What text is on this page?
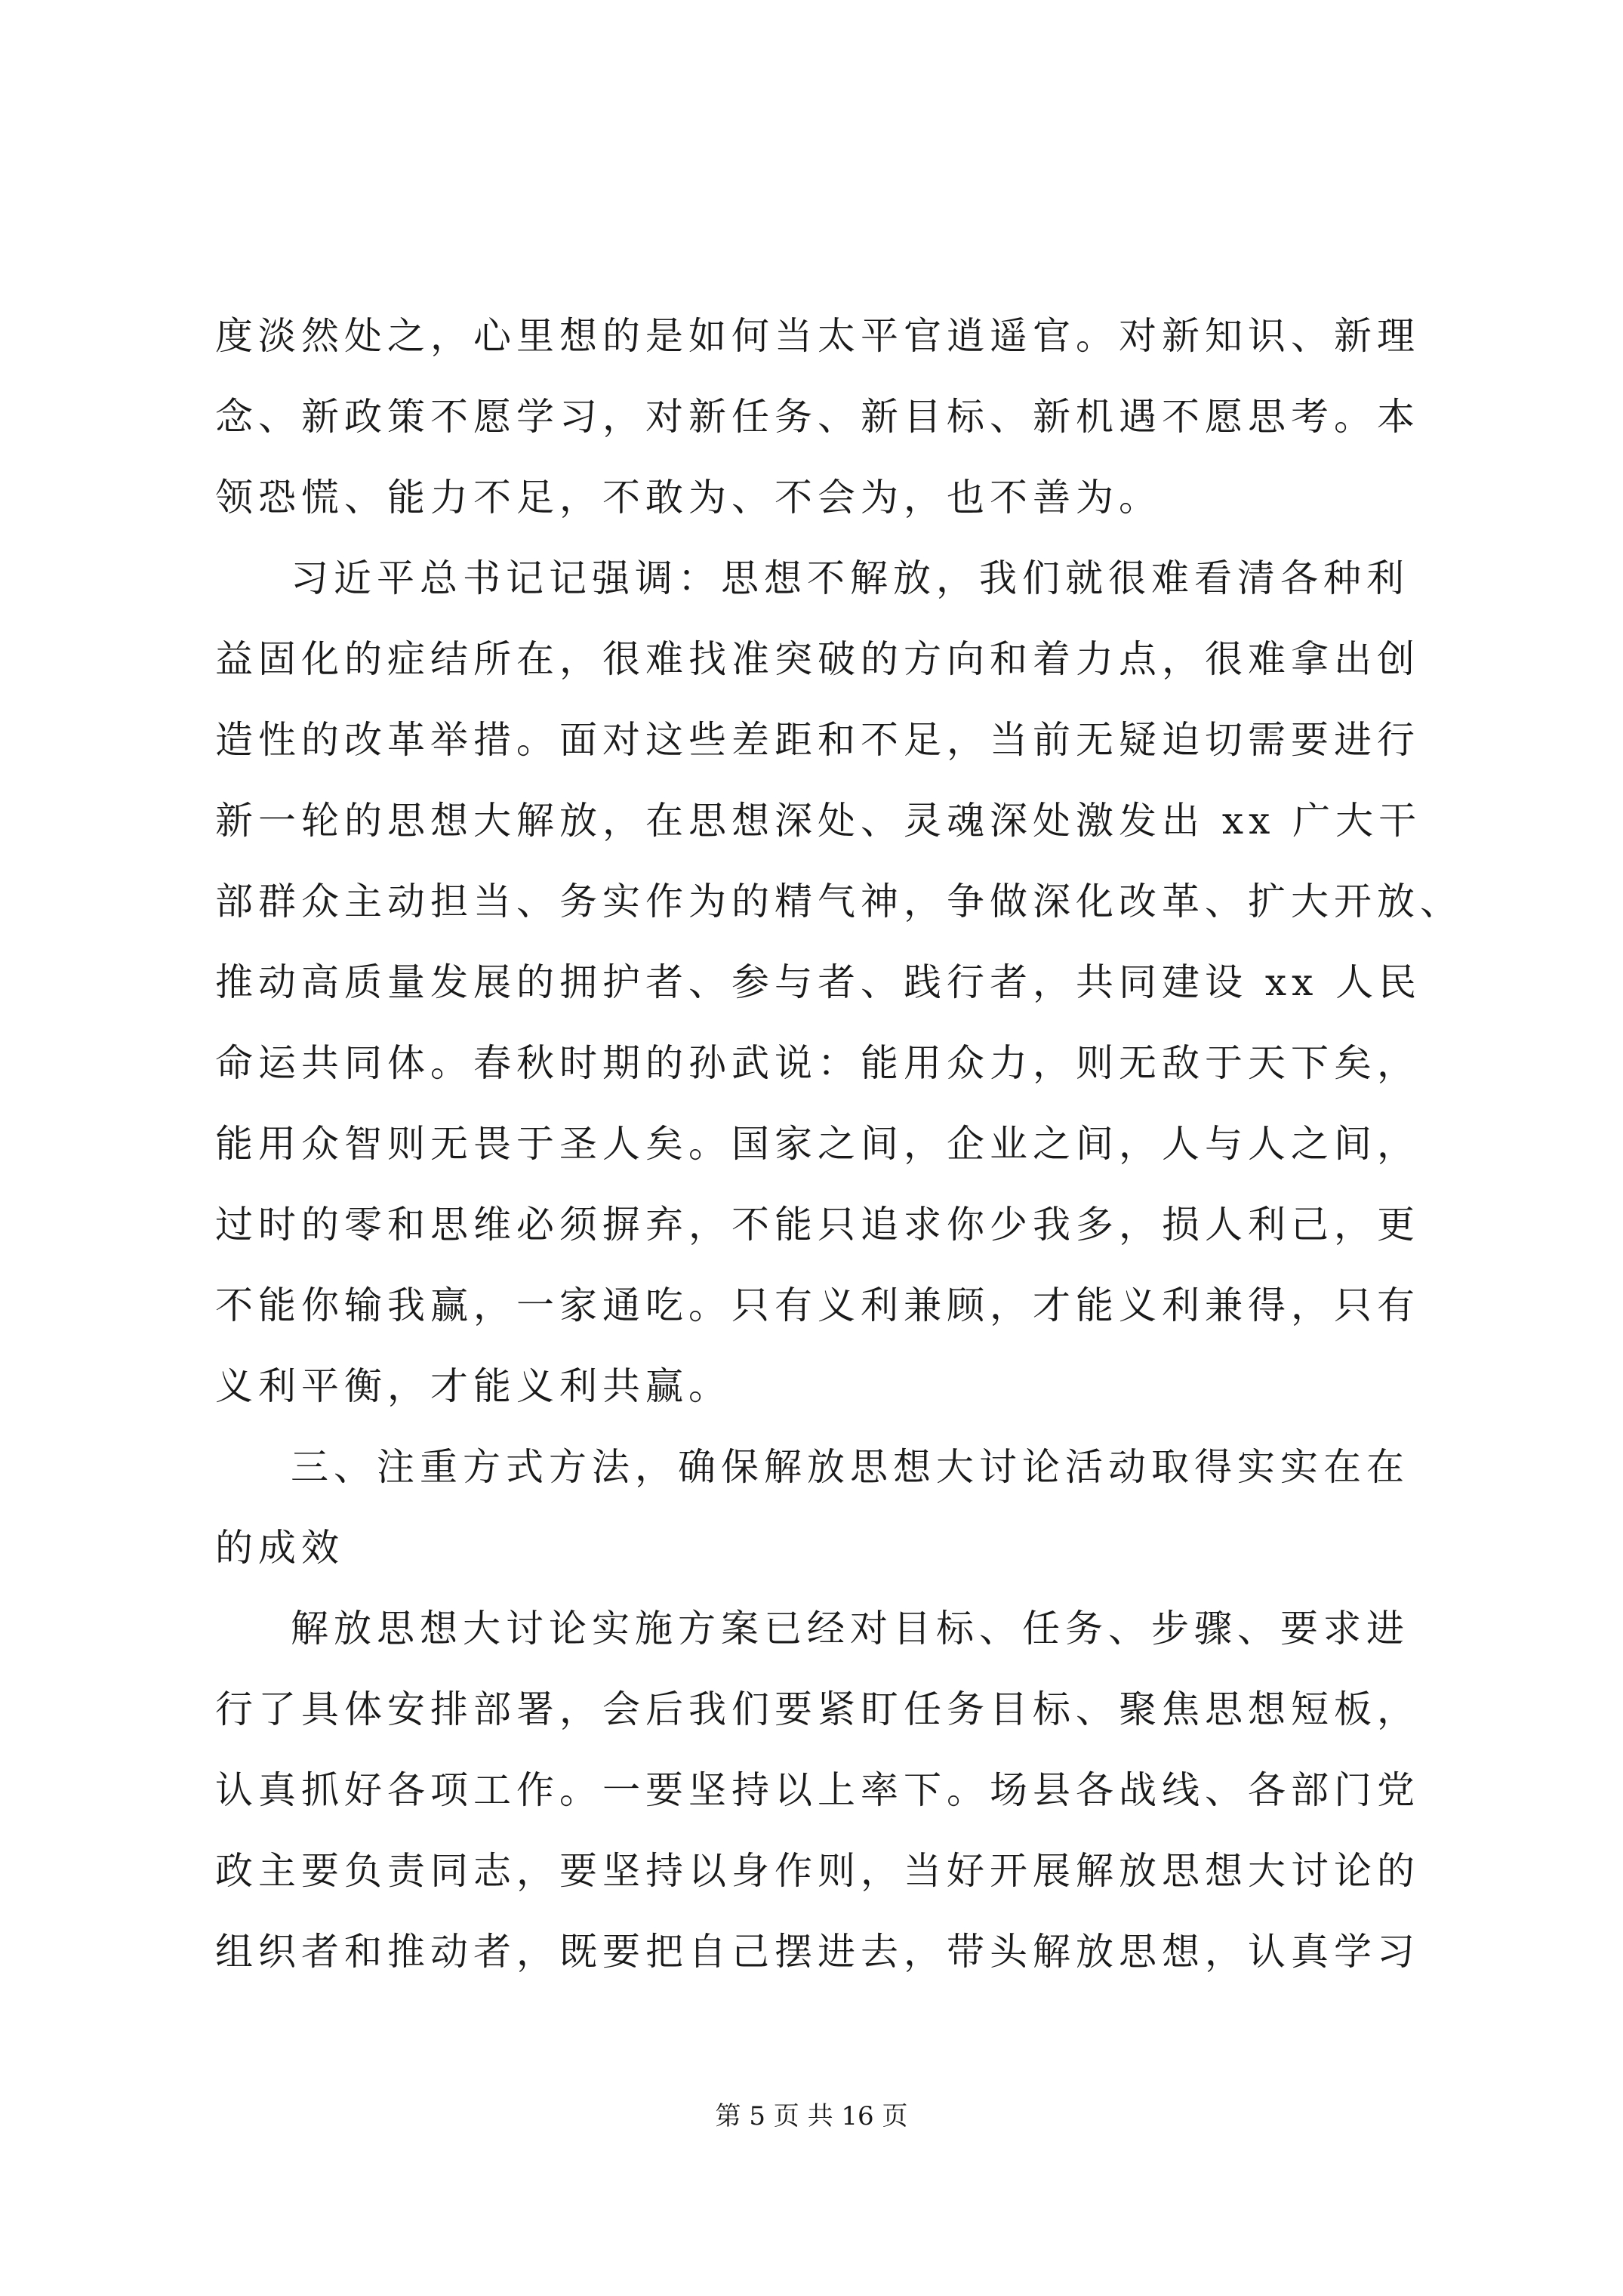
度淡然处之，心里想的是如何当太平官逍遥官。对新知识、新理
念、新政策不愿学习，对新任务、新目标、新机遇不愿思考。本
领恐慌、能力不足，不敢为、不会为，也不善为。
习近平总书记记强调：思想不解放，我们就很难看清各种利
益固化的症结所在，很难找准突破的方向和着力点，很难拿出创
造性的改革举措。面对这些差距和不足，当前无疑迫切需要进行
新一轮的思想大解放，在思想深处、灵魂深处激发出 xx 广大干
部群众主动担当、务实作为的精气神，争做深化改革、扩大开放、
推动高质量发展的拥护者、参与者、践行者，共同建设 xx 人民
命运共同体。春秋时期的孙武说：能用众力，则无敌于天下矣，
能用众智则无畏于圣人矣。国家之间，企业之间，人与人之间，
过时的零和思维必须摒弃，不能只追求你少我多，损人利己，更
不能你输我赢，一家通吃。只有义利兼顾，才能义利兼得，只有
义利平衡，才能义利共赢。
三、注重方式方法，确保解放思想大讨论活动取得实实在在
的成效
解放思想大讨论实施方案已经对目标、任务、步骤、要求进
行了具体安排部署，会后我们要紧盯任务目标、聚焦思想短板，
认真抓好各项工作。一要坚持以上率下。场县各战线、各部门党
政主要负责同志，要坚持以身作则，当好开展解放思想大讨论的
组织者和推动者，既要把自己摆进去，带头解放思想，认真学习
第 5 页 共 16 页
